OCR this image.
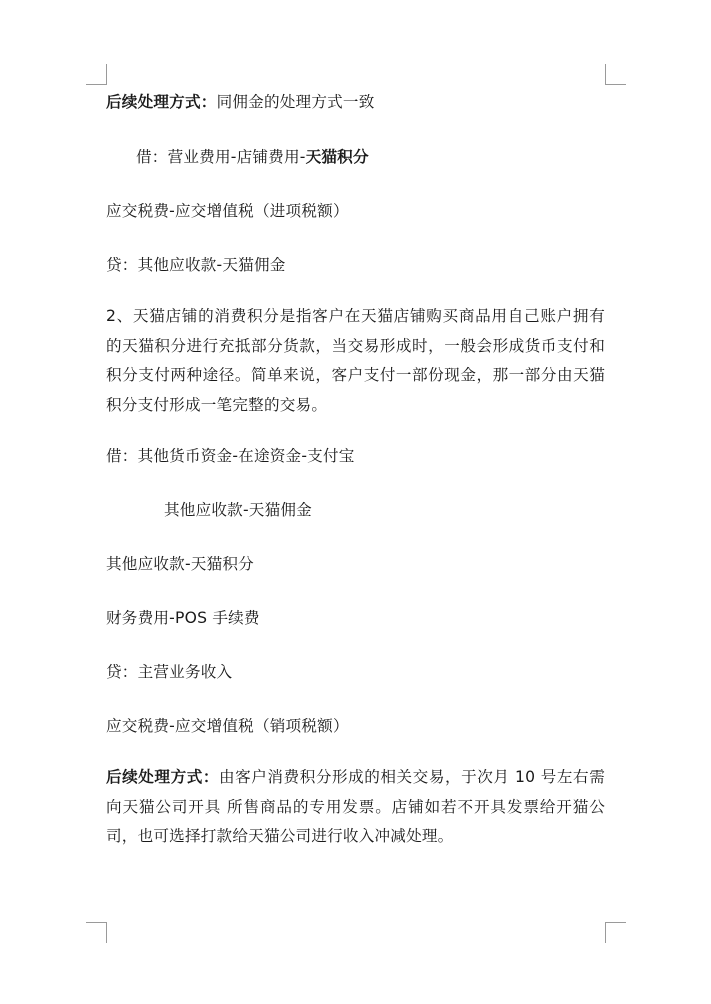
后续处理方式：同佣金的处理方式一致

借：营业费用-店铺费用-天猫积分

应交税费-应交增值税（进项税额）

贷：其他应收款-天猫佣金

2、天猫店铺的消费积分是指客户在天猫店铺购买商品用自己账户拥有的天猫积分进行充抵部分货款，当交易形成时，一般会形成货币支付和积分支付两种途径。简单来说，客户支付一部份现金，那一部分由天猫积分支付形成一笔完整的交易。

借：其他货币资金-在途资金-支付宝

其他应收款-天猫佣金

其他应收款-天猫积分

财务费用-POS 手续费

贷：主营业务收入

应交税费-应交增值税（销项税额）

后续处理方式：由客户消费积分形成的相关交易，于次月 10 号左右需向天猫公司开具 所售商品的专用发票。店铺如若不开具发票给开猫公司，也可选择打款给天猫公司进行收入冲减处理。
